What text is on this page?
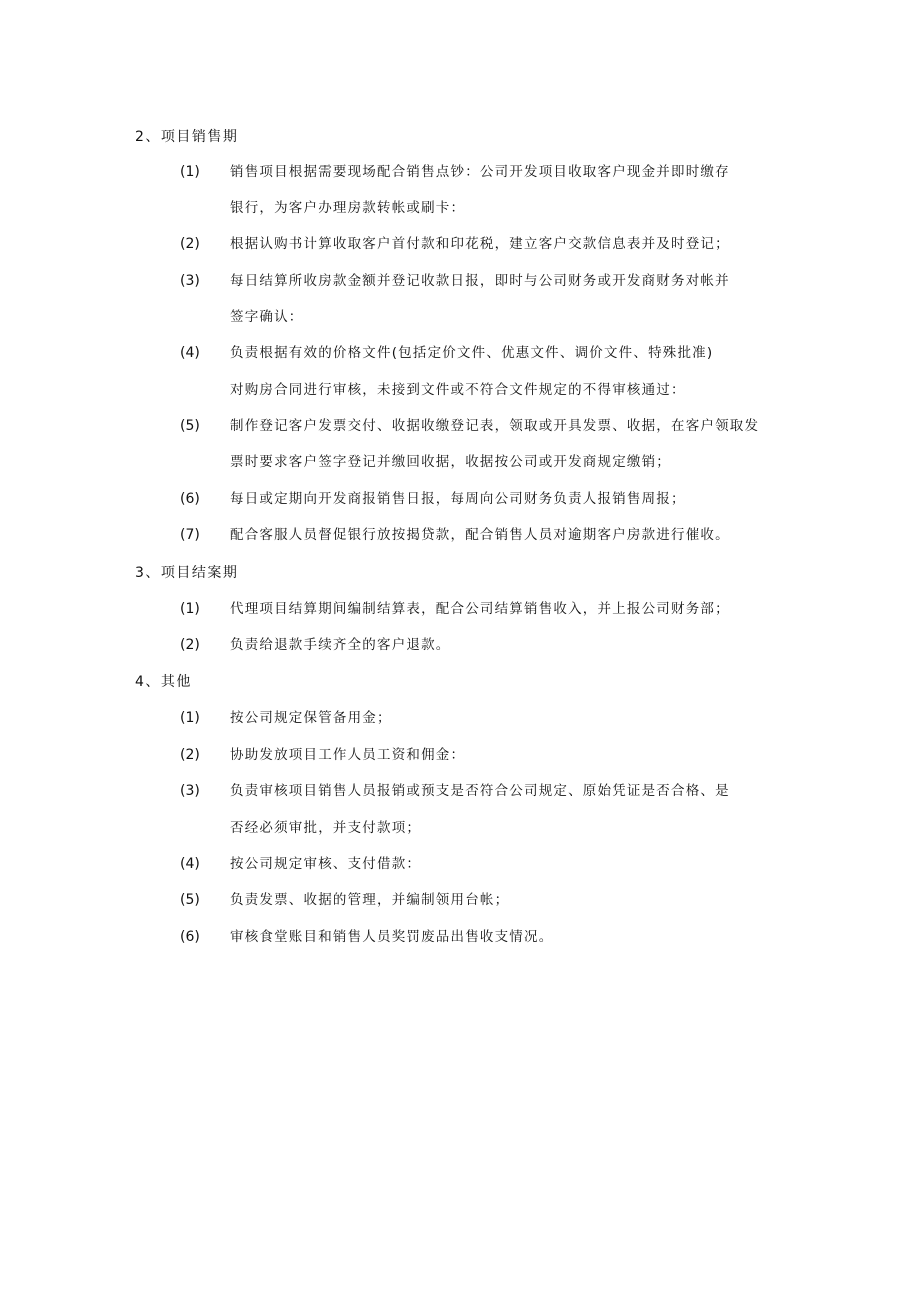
2、项目销售期
(1) 销售项目根据需要现场配合销售点钞：公司开发项目收取客户现金并即时缴存
银行，为客户办理房款转帐或刷卡：
(2) 根据认购书计算收取客户首付款和印花税，建立客户交款信息表并及时登记；
(3) 每日结算所收房款金额并登记收款日报，即时与公司财务或开发商财务对帐并
签字确认：
(4) 负责根据有效的价格文件(包括定价文件、优惠文件、调价文件、特殊批准)
对购房合同进行审核，未接到文件或不符合文件规定的不得审核通过：
(5) 制作登记客户发票交付、收据收缴登记表，领取或开具发票、收据，在客户领取发
票时要求客户签字登记并缴回收据，收据按公司或开发商规定缴销；
(6) 每日或定期向开发商报销售日报，每周向公司财务负责人报销售周报；
(7) 配合客服人员督促银行放按揭贷款，配合销售人员对逾期客户房款进行催收。
3、项目结案期
(1) 代理项目结算期间编制结算表，配合公司结算销售收入，并上报公司财务部；
(2) 负责给退款手续齐全的客户退款。
4、其他
(1) 按公司规定保管备用金；
(2) 协助发放项目工作人员工资和佣金：
(3) 负责审核项目销售人员报销或预支是否符合公司规定、原始凭证是否合格、是
否经必须审批，并支付款项；
(4) 按公司规定审核、支付借款：
(5) 负责发票、收据的管理，并编制领用台帐；
(6) 审核食堂账目和销售人员奖罚废品出售收支情况。
